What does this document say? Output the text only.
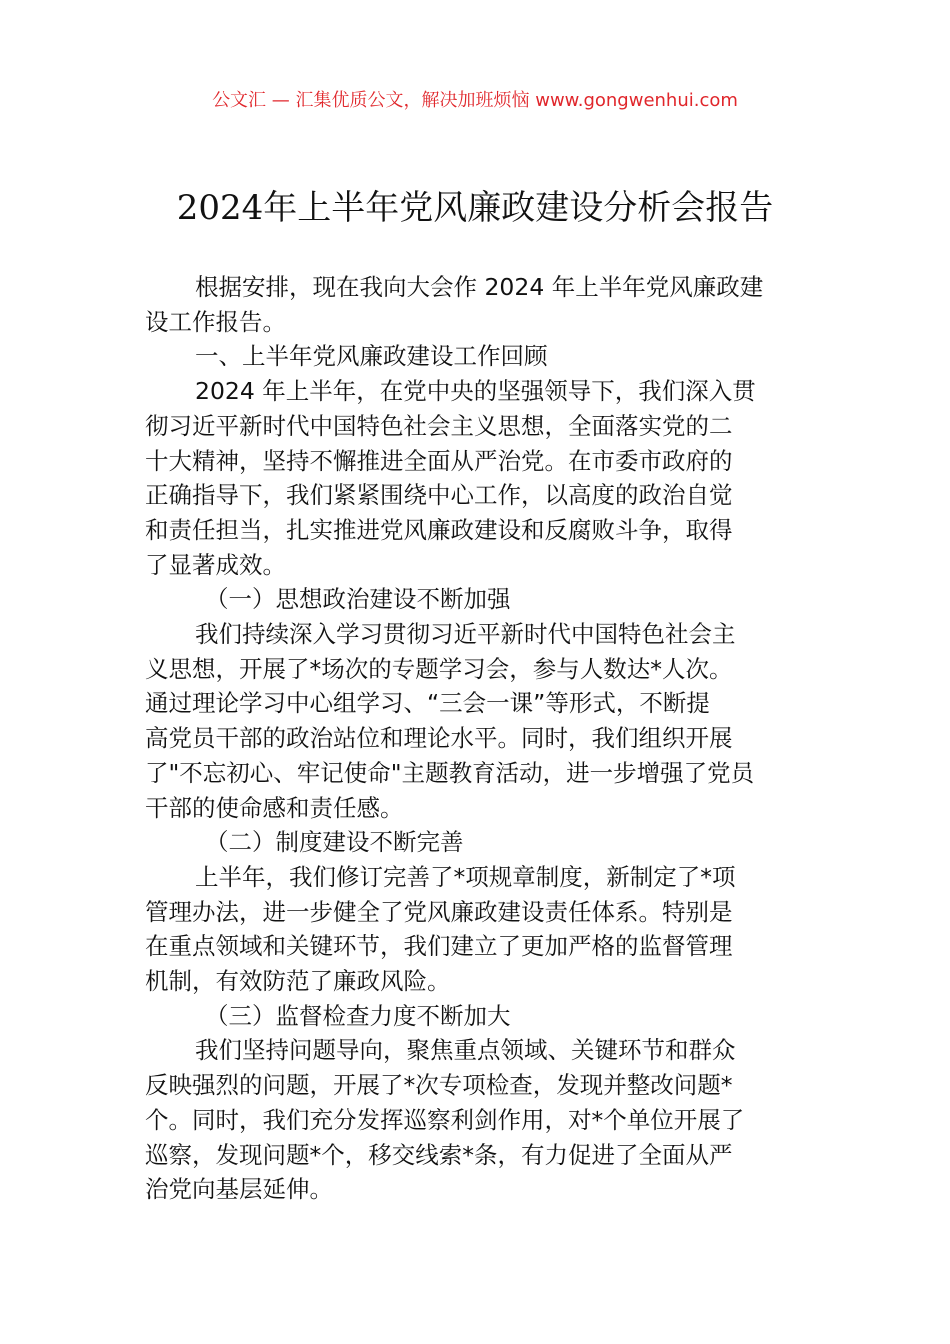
公文汇 — 汇集优质公文，解决加班烦恼 www.gongwenhui.com
2024年上半年党风廉政建设分析会报告
根据安排，现在我向大会作 2024 年上半年党风廉政建
设工作报告。
一、上半年党风廉政建设工作回顾
2024 年上半年，在党中央的坚强领导下，我们深入贯
彻习近平新时代中国特色社会主义思想，全面落实党的二
十大精神，坚持不懈推进全面从严治党。在市委市政府的
正确指导下，我们紧紧围绕中心工作，以高度的政治自觉
和责任担当，扎实推进党风廉政建设和反腐败斗争，取得
了显著成效。
（一）思想政治建设不断加强
我们持续深入学习贯彻习近平新时代中国特色社会主
义思想，开展了*场次的专题学习会，参与人数达*人次。
通过理论学习中心组学习、“三会一课”等形式，不断提
高党员干部的政治站位和理论水平。同时，我们组织开展
了"不忘初心、牢记使命"主题教育活动，进一步增强了党员
干部的使命感和责任感。
（二）制度建设不断完善
上半年，我们修订完善了*项规章制度，新制定了*项
管理办法，进一步健全了党风廉政建设责任体系。特别是
在重点领域和关键环节，我们建立了更加严格的监督管理
机制，有效防范了廉政风险。
（三）监督检查力度不断加大
我们坚持问题导向，聚焦重点领域、关键环节和群众
反映强烈的问题，开展了*次专项检查，发现并整改问题*
个。同时，我们充分发挥巡察利剑作用，对*个单位开展了
巡察，发现问题*个，移交线索*条，有力促进了全面从严
治党向基层延伸。
